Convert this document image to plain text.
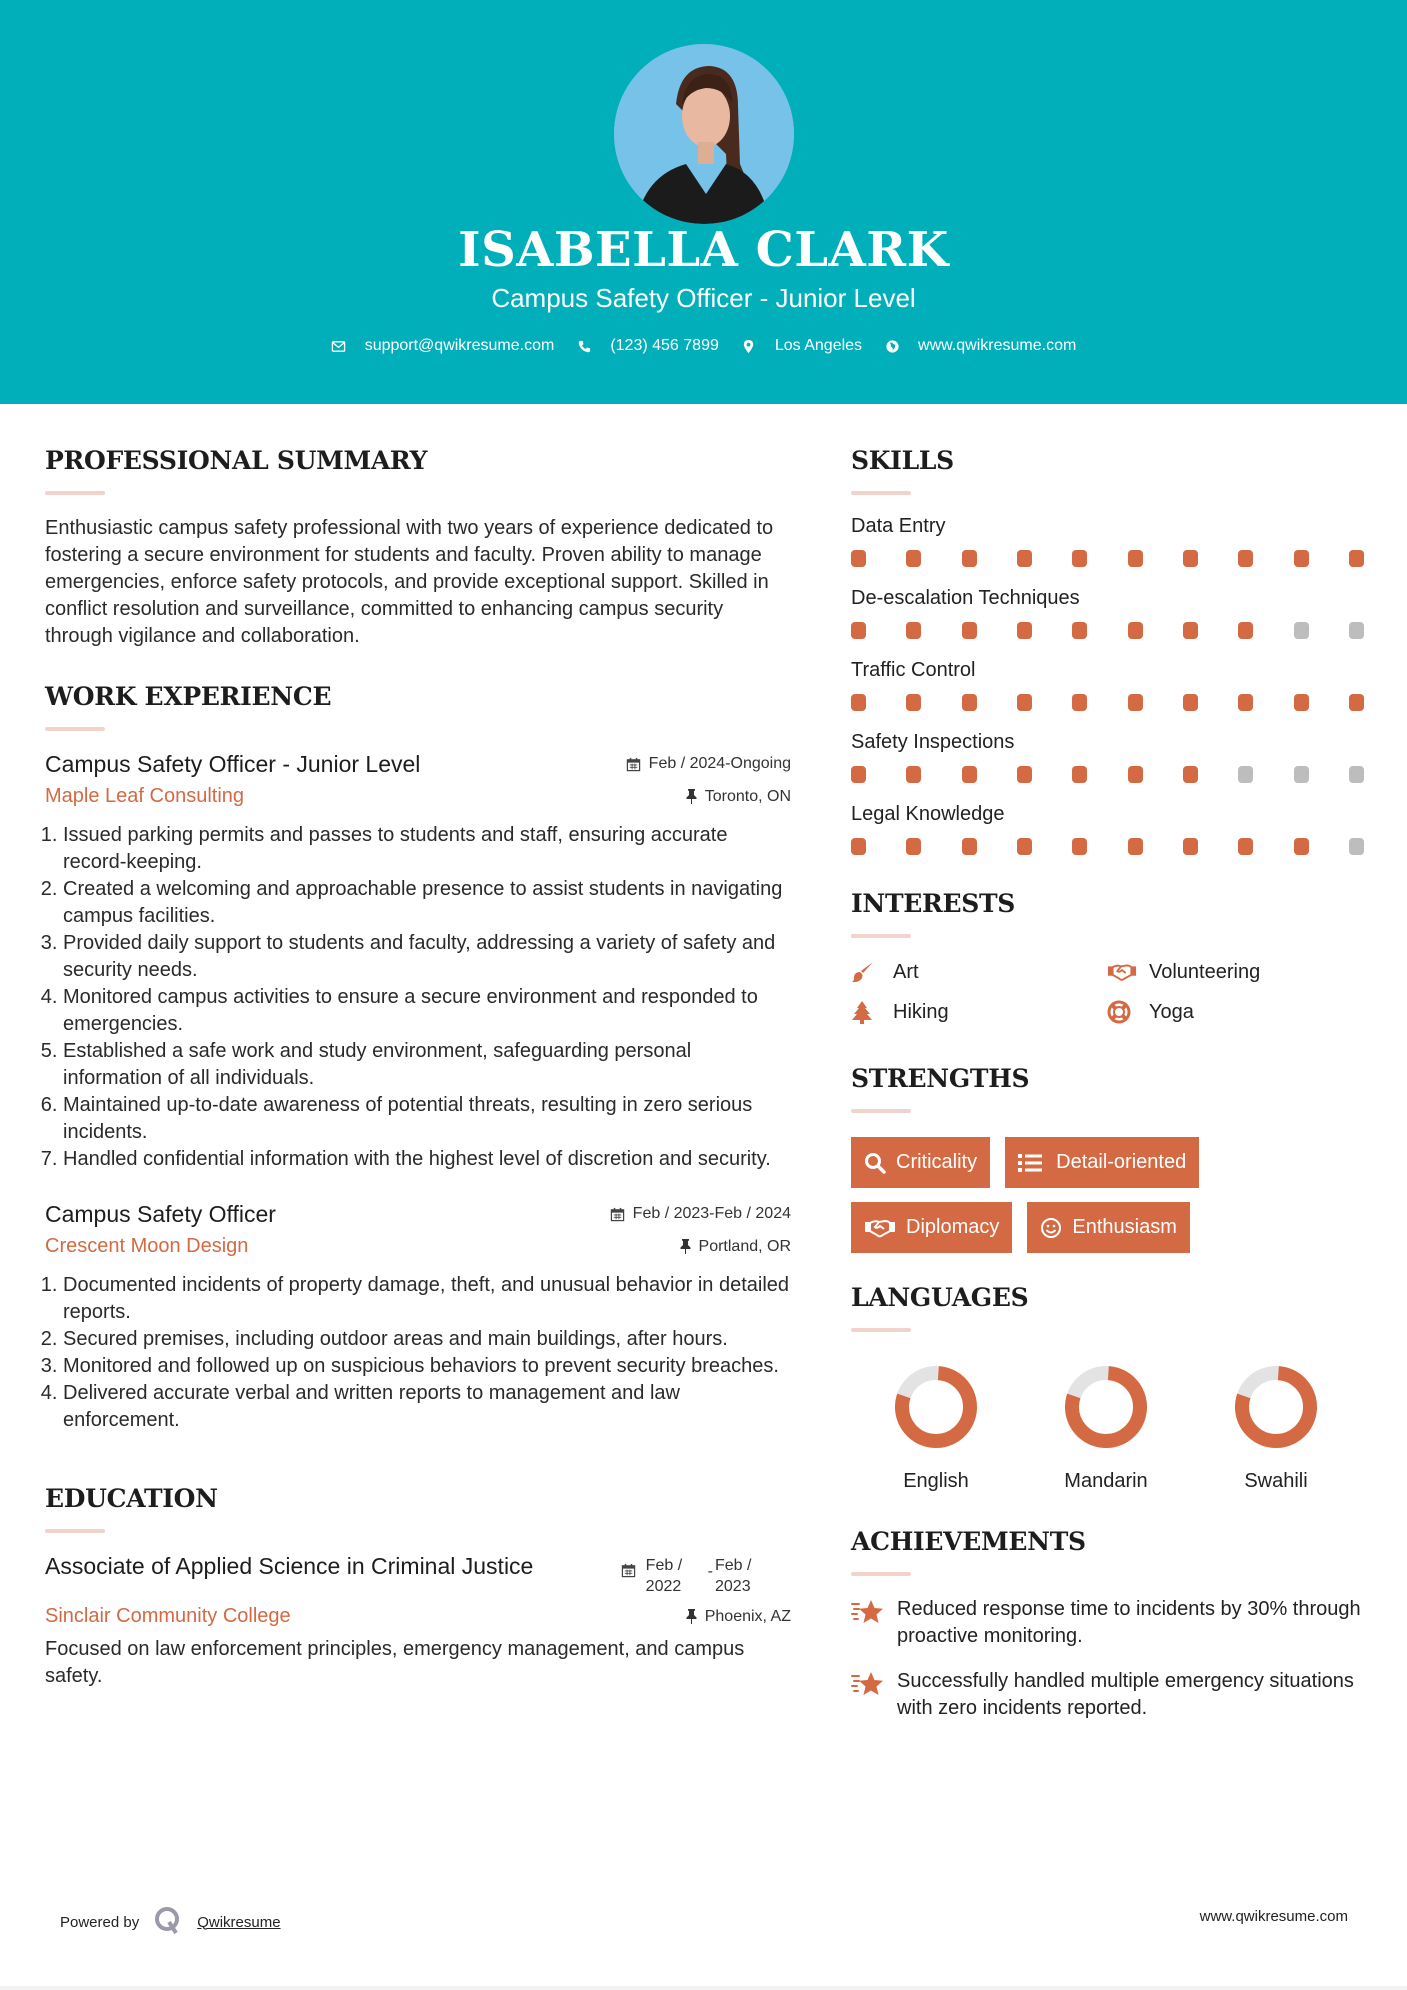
ISABELLA CLARK
Campus Safety Officer - Junior Level
support@qwikresume.com	(123) 456 7899	Los Angeles	www.qwikresume.com
PROFESSIONAL SUMMARY

Enthusiastic campus safety professional with two years of experience dedicated to fostering a secure environment for students and faculty. Proven ability to manage emergencies, enforce safety protocols, and provide exceptional support. Skilled in conflict resolution and surveillance, committed to enhancing campus security through vigilance and collaboration.

WORK EXPERIENCE
Campus Safety Officer - Junior Level	Feb / 2024-Ongoing
Maple Leaf Consulting	Toronto, ON
1. Issued parking permits and passes to students and staff, ensuring accurate record-keeping.
2. Created a welcoming and approachable presence to assist students in navigating campus facilities.
3. Provided daily support to students and faculty, addressing a variety of safety and security needs.
4. Monitored campus activities to ensure a secure environment and responded to emergencies.
5. Established a safe work and study environment, safeguarding personal information of all individuals.
6. Maintained up-to-date awareness of potential threats, resulting in zero serious incidents.
7. Handled confidential information with the highest level of discretion and security.
Campus Safety Officer	Feb / 2023-Feb / 2024
Crescent Moon Design	Portland, OR
1. Documented incidents of property damage, theft, and unusual behavior in detailed reports.
2. Secured premises, including outdoor areas and main buildings, after hours.
3. Monitored and followed up on suspicious behaviors to prevent security breaches.
4. Delivered accurate verbal and written reports to management and law enforcement.
EDUCATION
Associate of Applied Science in Criminal Justice	Feb / 2022
- Feb / 2023
Sinclair Community College	Phoenix, AZ

Focused on law enforcement principles, emergency management, and campus safety.

SKILLS
Data Entry
De-escalation Techniques
Traffic Control
Safety Inspections
Legal Knowledge
INTERESTS
Art	Volunteering
Hiking	Yoga
STRENGTHS
Criticality	Detail-oriented
Diplomacy	Enthusiasm
LANGUAGES
English	Mandarin	Swahili
ACHIEVEMENTS
Reduced response time to incidents by 30% through proactive monitoring.
Successfully handled multiple emergency situations with zero incidents reported.
Powered by	Qwikresume	www.qwikresume.com
